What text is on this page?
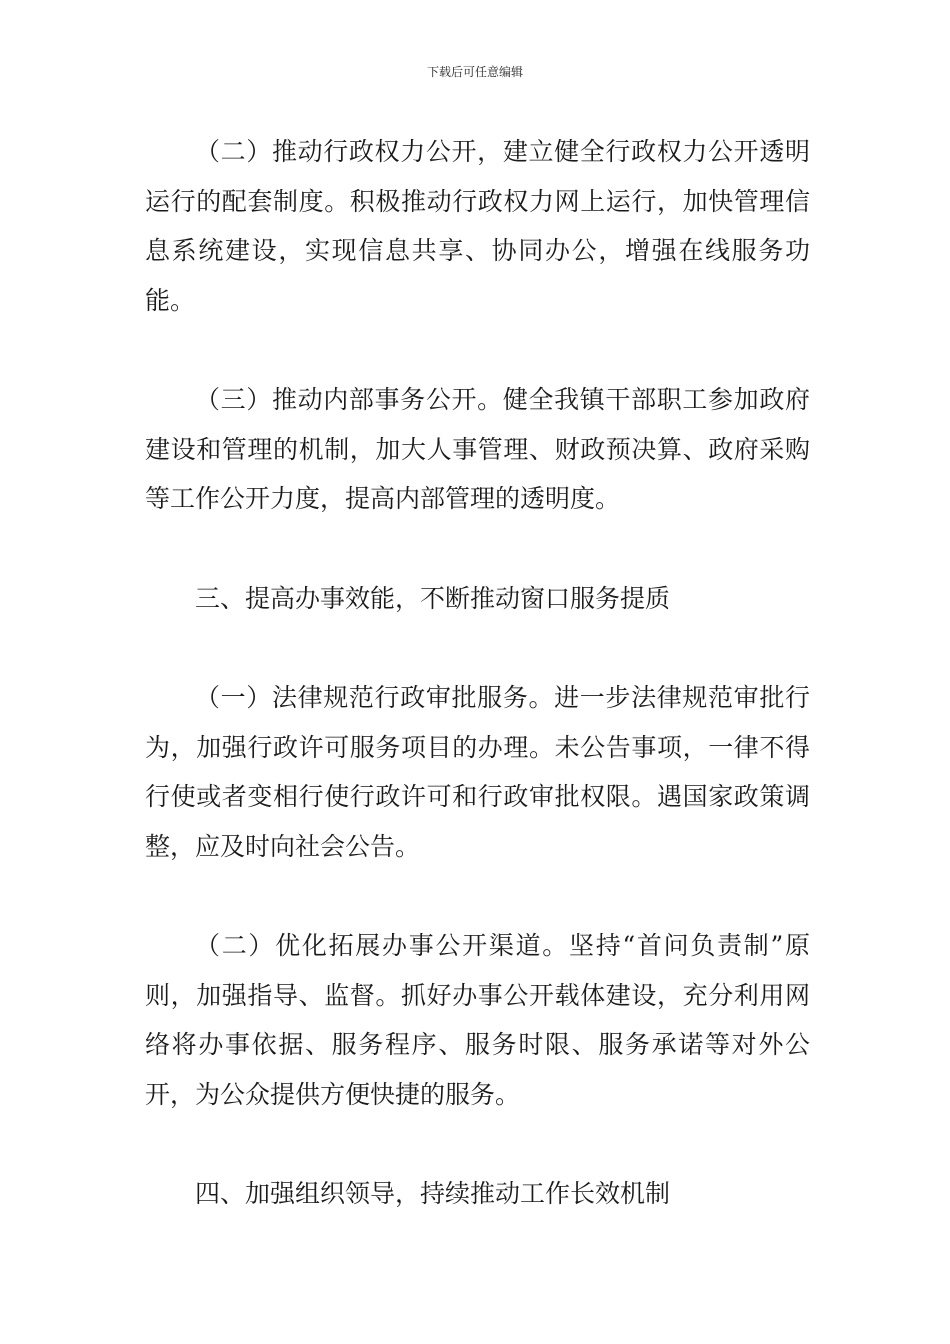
下载后可任意编辑

（二）推动行政权力公开，建立健全行政权力公开透明运行的配套制度。积极推动行政权力网上运行，加快管理信息系统建设，实现信息共享、协同办公，增强在线服务功能。

（三）推动内部事务公开。健全我镇干部职工参加政府建设和管理的机制，加大人事管理、财政预决算、政府采购等工作公开力度，提高内部管理的透明度。

三、提高办事效能，不断推动窗口服务提质

（一）法律规范行政审批服务。进一步法律规范审批行为，加强行政许可服务项目的办理。未公告事项，一律不得行使或者变相行使行政许可和行政审批权限。遇国家政策调整，应及时向社会公告。

（二）优化拓展办事公开渠道。坚持“首问负责制”原则，加强指导、监督。抓好办事公开载体建设，充分利用网络将办事依据、服务程序、服务时限、服务承诺等对外公开，为公众提供方便快捷的服务。

四、加强组织领导，持续推动工作长效机制
